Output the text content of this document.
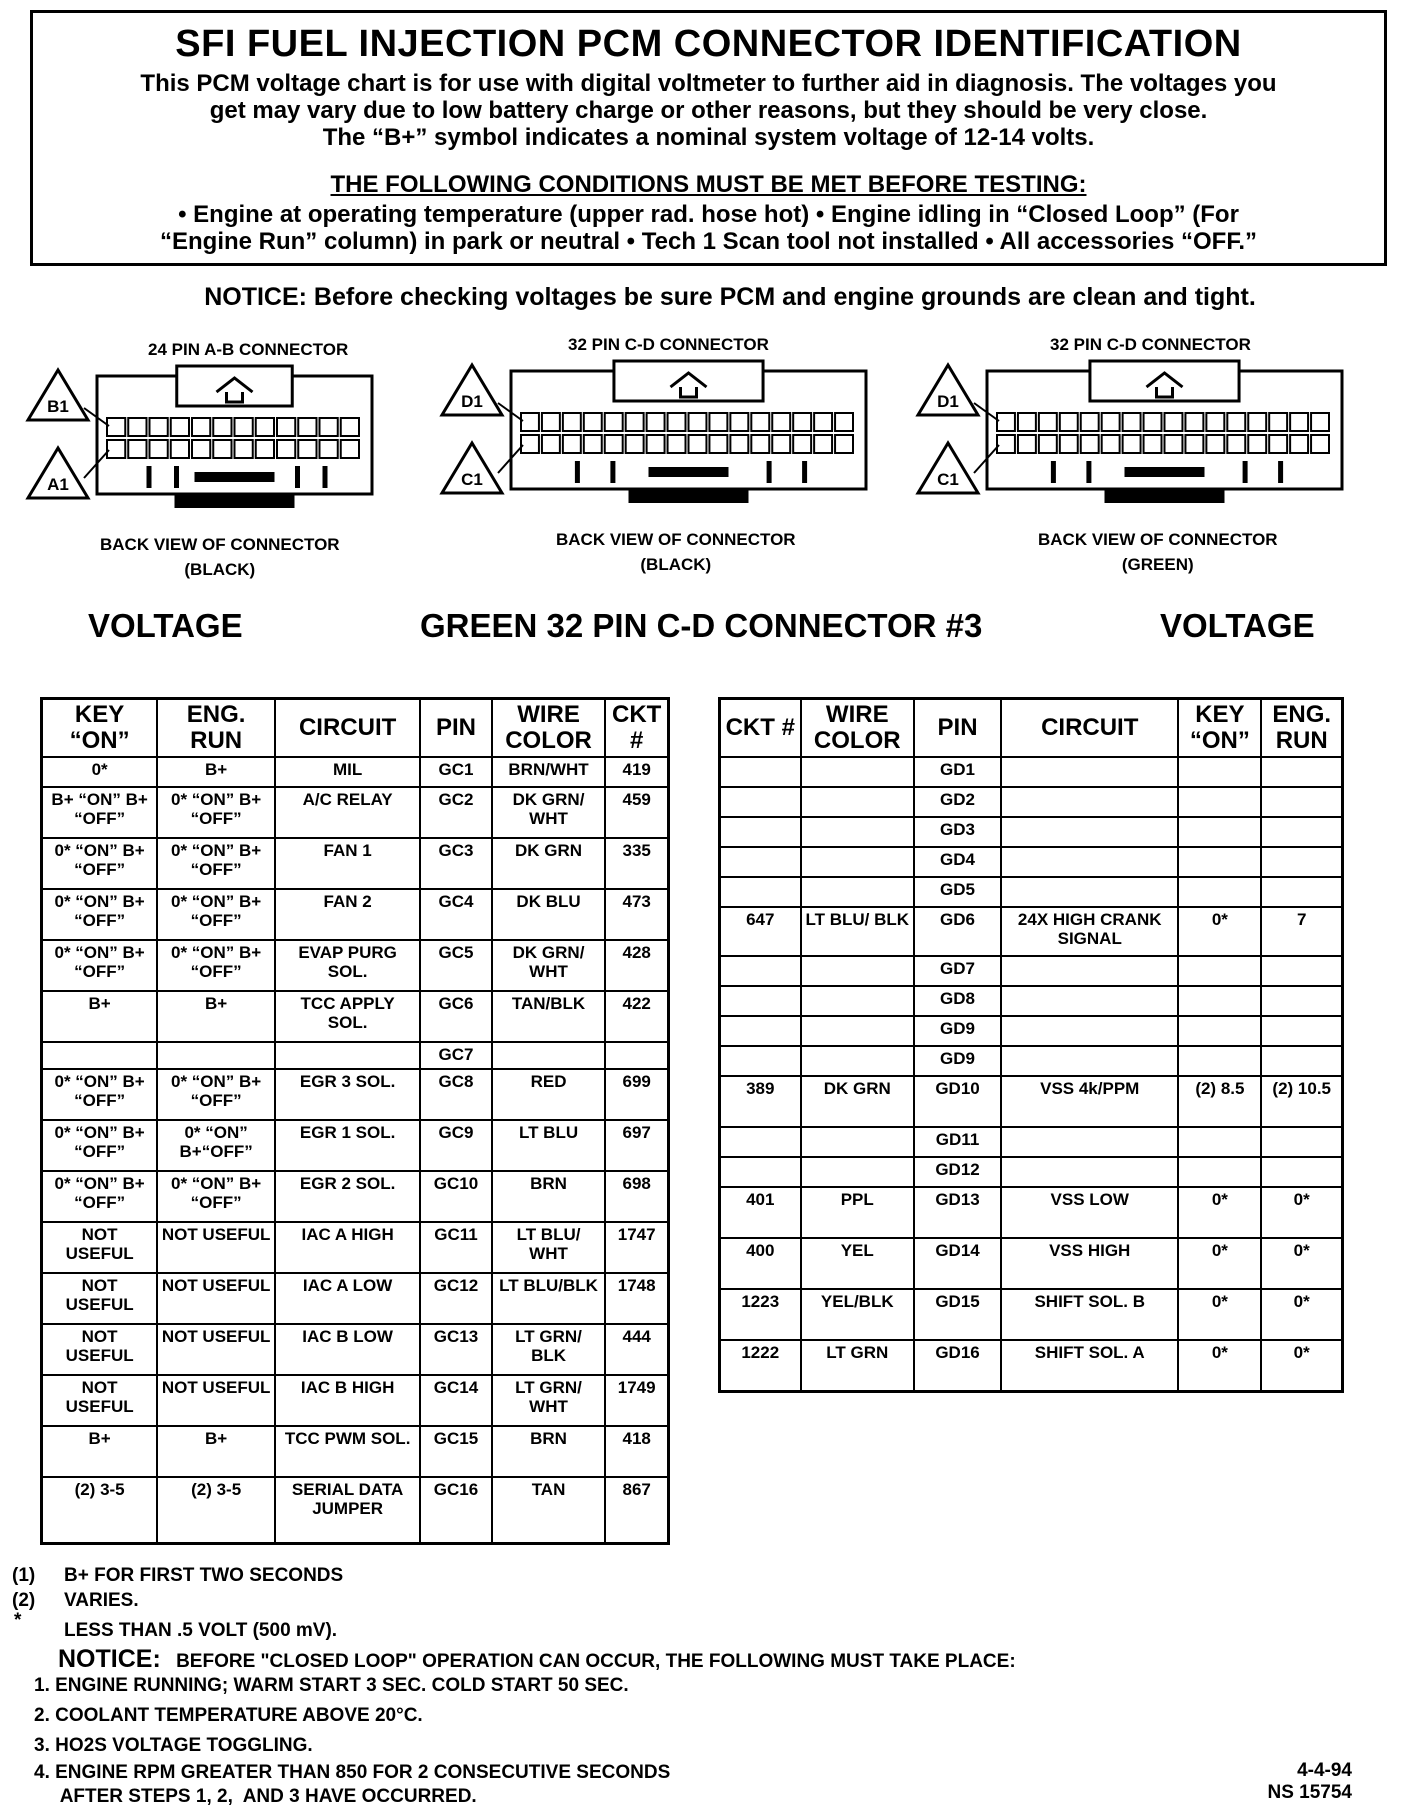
SFI FUEL INJECTION PCM CONNECTOR IDENTIFICATION
This PCM voltage chart is for use with digital voltmeter to further aid in diagnosis. The voltages you
get may vary due to low battery charge or other reasons, but they should be very close.
The “B+” symbol indicates a nominal system voltage of 12-14 volts.
THE FOLLOWING CONDITIONS MUST BE MET BEFORE TESTING:
• Engine at operating temperature (upper rad. hose hot) • Engine idling in “Closed Loop” (For
“Engine Run” column) in park or neutral • Tech 1 Scan tool not installed • All accessories “OFF.”
NOTICE: Before checking voltages be sure PCM and engine grounds are clean and tight.
24 PIN A-B CONNECTOR
B1
A1
BACK VIEW OF CONNECTOR
(BLACK)
32 PIN C-D CONNECTOR
D1
C1
BACK VIEW OF CONNECTOR
(BLACK)
32 PIN C-D CONNECTOR
D1
C1
BACK VIEW OF CONNECTOR
(GREEN)
VOLTAGE	GREEN 32 PIN C-D CONNECTOR #3	VOLTAGE
KEY “ON”	ENG. RUN	CIRCUIT	PIN	WIRE COLOR	CKT #
0*	B+	MIL	GC1	BRN/WHT	419
B+ “ON” B+ “OFF”	0* “ON” B+ “OFF”	A/C RELAY	GC2	DK GRN/ WHT	459
0* “ON” B+ “OFF”	0* “ON” B+ “OFF”	FAN 1	GC3	DK GRN	335
0* “ON” B+ “OFF”	0* “ON” B+ “OFF”	FAN 2	GC4	DK BLU	473
0* “ON” B+ “OFF”	0* “ON” B+ “OFF”	EVAP PURG SOL.	GC5	DK GRN/ WHT	428
B+	B+	TCC APPLY SOL.	GC6	TAN/BLK	422
			GC7		
0* “ON” B+ “OFF”	0* “ON” B+ “OFF”	EGR 3 SOL.	GC8	RED	699
0* “ON” B+ “OFF”	0* “ON” B+“OFF”	EGR 1 SOL.	GC9	LT BLU	697
0* “ON” B+ “OFF”	0* “ON” B+ “OFF”	EGR 2 SOL.	GC10	BRN	698
NOT USEFUL	NOT USEFUL	IAC A HIGH	GC11	LT BLU/ WHT	1747
NOT USEFUL	NOT USEFUL	IAC A LOW	GC12	LT BLU/BLK	1748
NOT USEFUL	NOT USEFUL	IAC B LOW	GC13	LT GRN/ BLK	444
NOT USEFUL	NOT USEFUL	IAC B HIGH	GC14	LT GRN/ WHT	1749
B+	B+	TCC PWM SOL.	GC15	BRN	418
(2) 3-5	(2) 3-5	SERIAL DATA JUMPER	GC16	TAN	867
CKT #	WIRE COLOR	PIN	CIRCUIT	KEY “ON”	ENG. RUN
		GD1			
		GD2			
		GD3			
		GD4			
		GD5			
647	LT BLU/ BLK	GD6	24X HIGH CRANK SIGNAL	0*	7
		GD7			
		GD8			
		GD9			
		GD9			
389	DK GRN	GD10	VSS 4k/PPM	(2) 8.5	(2) 10.5
		GD11			
		GD12			
401	PPL	GD13	VSS LOW	0*	0*
400	YEL	GD14	VSS HIGH	0*	0*
1223	YEL/BLK	GD15	SHIFT SOL. B	0*	0*
1222	LT GRN	GD16	SHIFT SOL. A	0*	0*
(1) B+ FOR FIRST TWO SECONDS
(2) VARIES.
* LESS THAN .5 VOLT (500 mV).
NOTICE: BEFORE "CLOSED LOOP" OPERATION CAN OCCUR, THE FOLLOWING MUST TAKE PLACE:
1. ENGINE RUNNING; WARM START 3 SEC. COLD START 50 SEC.
2. COOLANT TEMPERATURE ABOVE 20°C.
3. HO2S VOLTAGE TOGGLING.
4. ENGINE RPM GREATER THAN 850 FOR 2 CONSECUTIVE SECONDS
AFTER STEPS 1, 2,  AND 3 HAVE OCCURRED.
4-4-94
NS 15754
